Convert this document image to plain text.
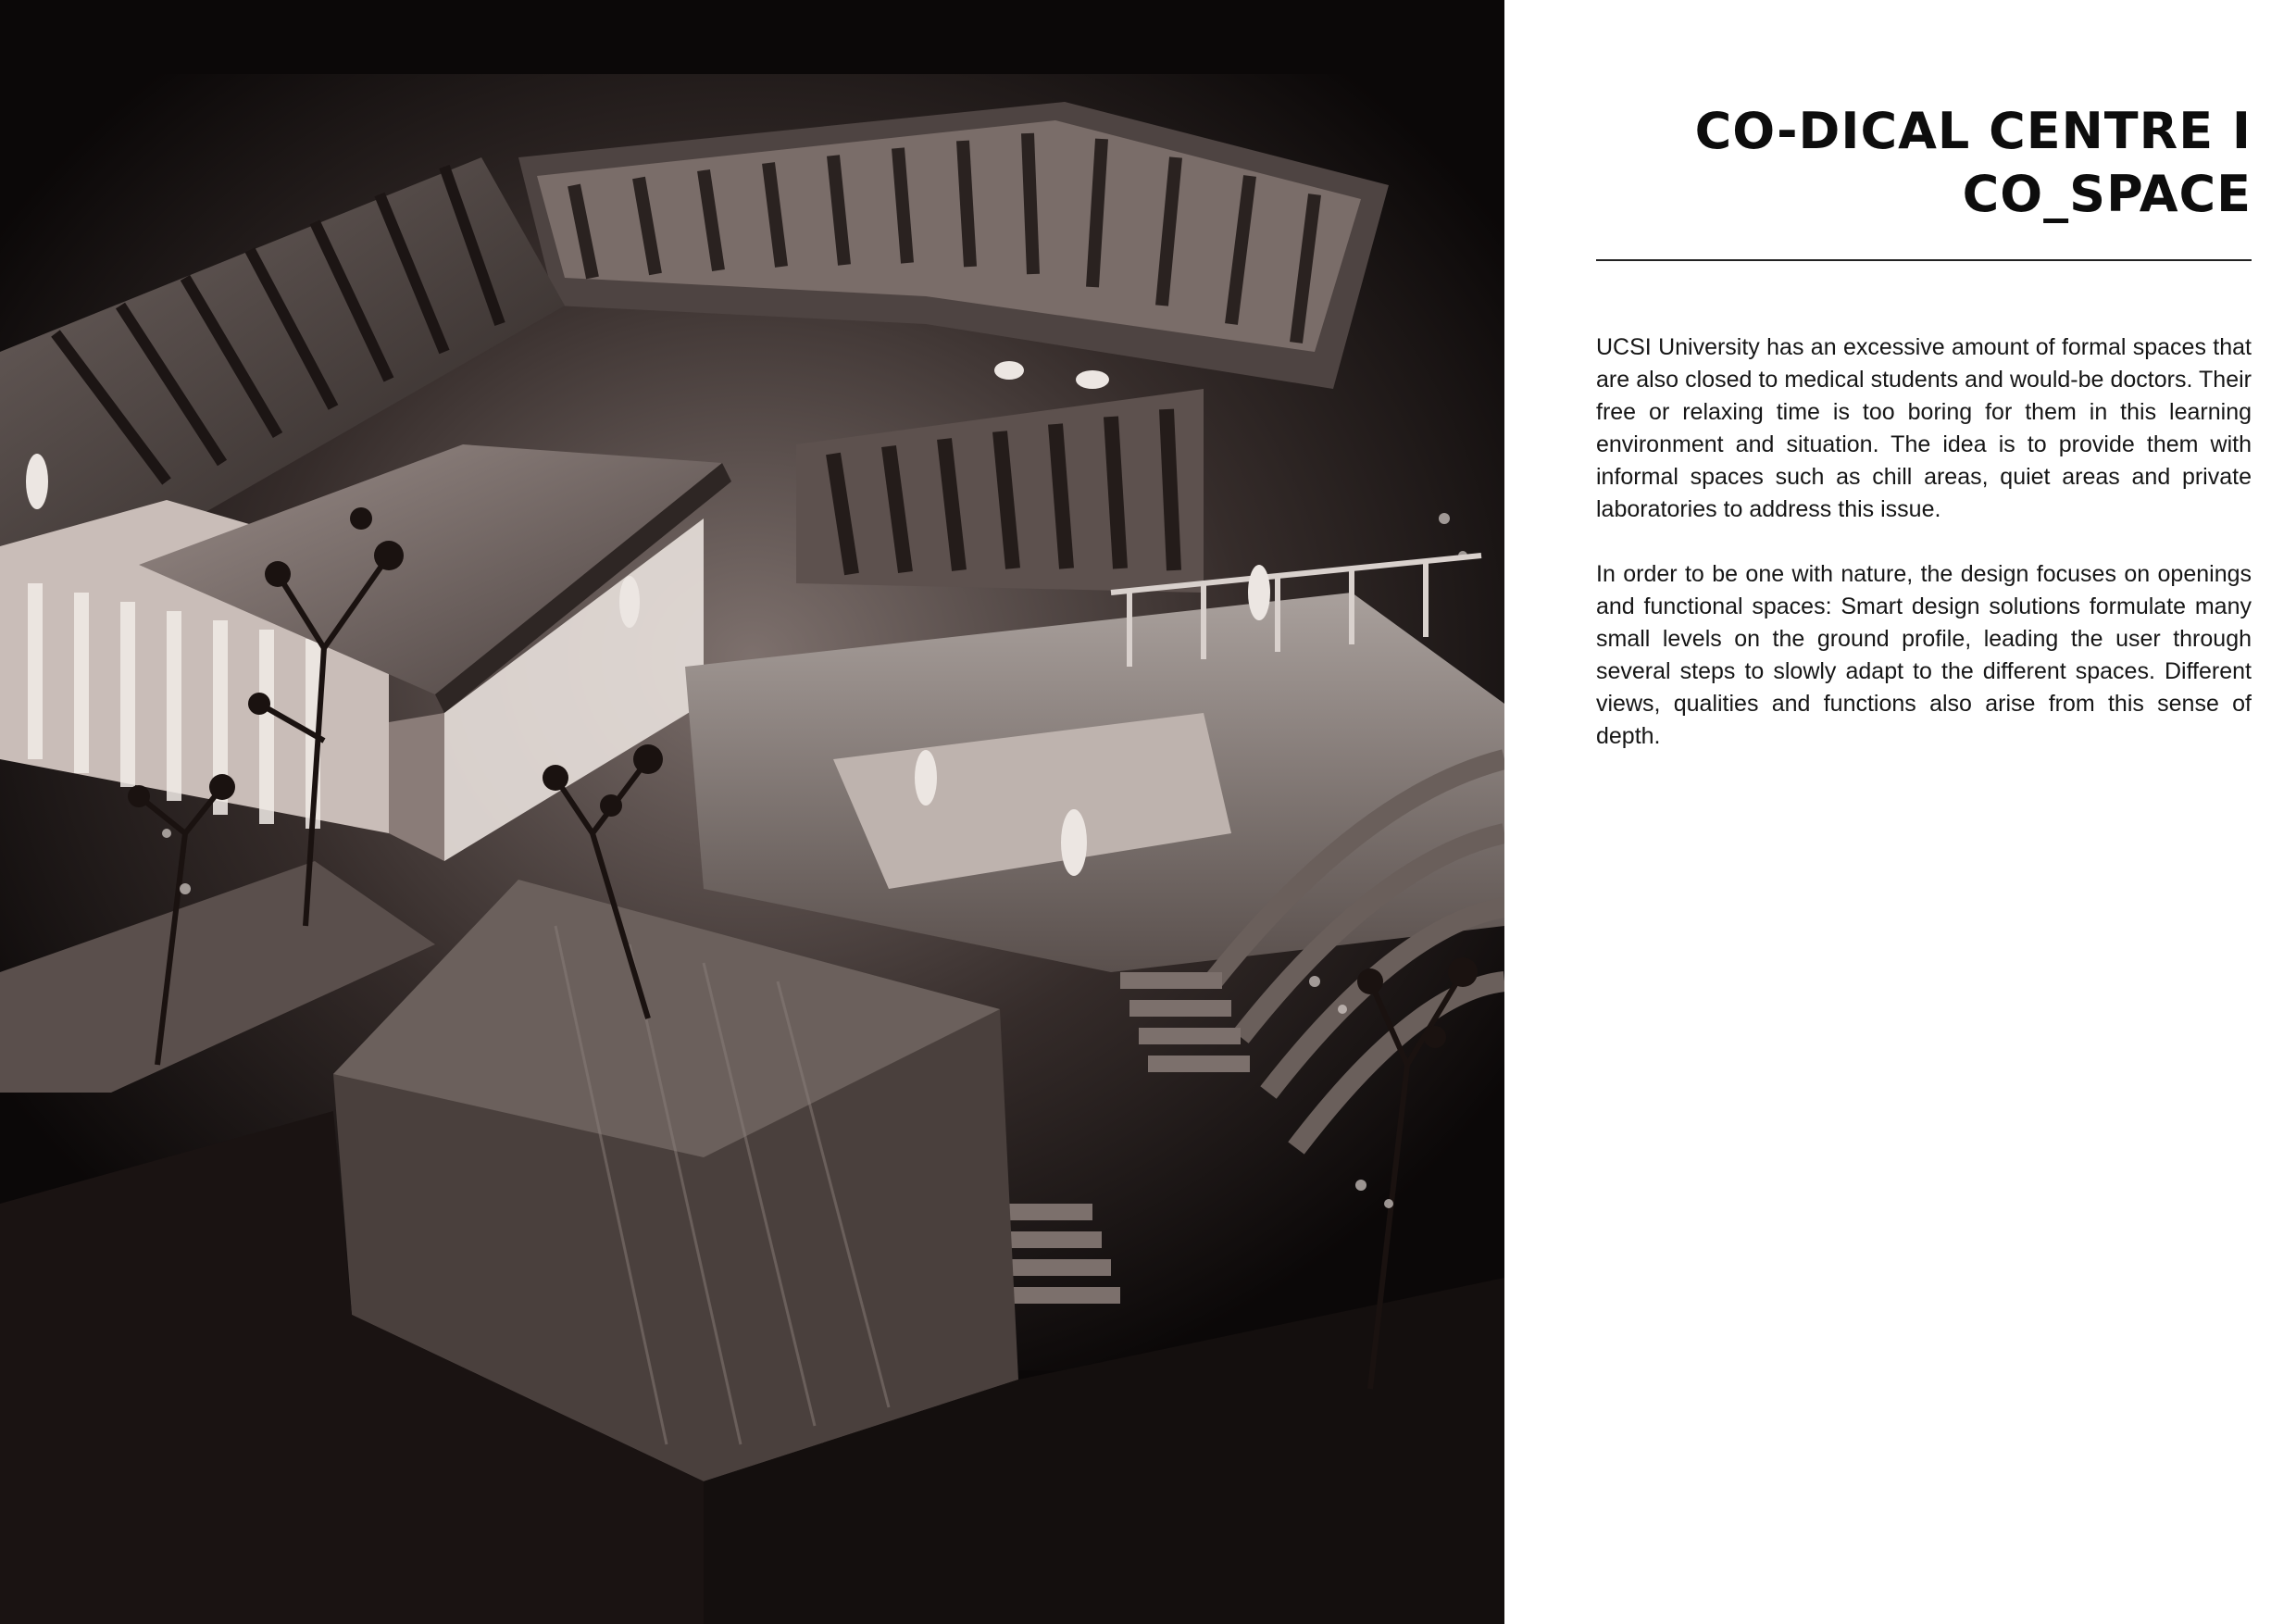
CO-DICAL CENTRE I
CO_SPACE

UCSI University has an excessive amount of formal spaces that are also closed to medical students and would-be doctors. Their free or relaxing time is too boring for them in this learning environment and situation. The idea is to provide them with informal spaces such as chill areas, quiet areas and private laboratories to address this issue.

In order to be one with nature, the design focuses on openings and functional spaces: Smart design solutions formulate many small levels on the ground profile, leading the user through several steps to slowly adapt to the different spaces. Different views, qualities and functions also arise from this sense of depth.
